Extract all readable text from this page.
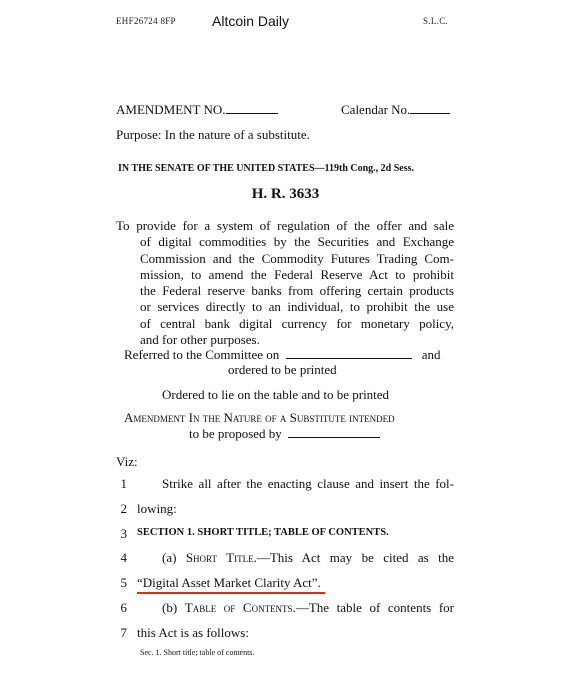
EHF26724 8FP	Altcoin Daily	S.L.C.
AMENDMENT NO.	Calendar No.
Purpose: In the nature of a substitute.
IN THE SENATE OF THE UNITED STATES—119th Cong., 2d Sess.
H. R. 3633
To provide for a system of regulation of the offer and sale
of digital commodities by the Securities and Exchange
Commission and the Commodity Futures Trading Com-
mission, to amend the Federal Reserve Act to prohibit
the Federal reserve banks from offering certain products
or services directly to an individual, to prohibit the use
of central bank digital currency for monetary policy,
and for other purposes.
Referred to the Committee on	and
ordered to be printed
Ordered to lie on the table and to be printed
Amendment In the Nature of a Substitute intended
to be proposed by
Viz:
1	Strike all after the enacting clause and insert the fol-
2 lowing:
3 SECTION 1. SHORT TITLE; TABLE OF CONTENTS.
4	(a) Short Title.—This Act may be cited as the
5 “Digital Asset Market Clarity Act”.
6	(b) Table of Contents.—The table of contents for
7 this Act is as follows:
Sec. 1. Short title; table of contents.
